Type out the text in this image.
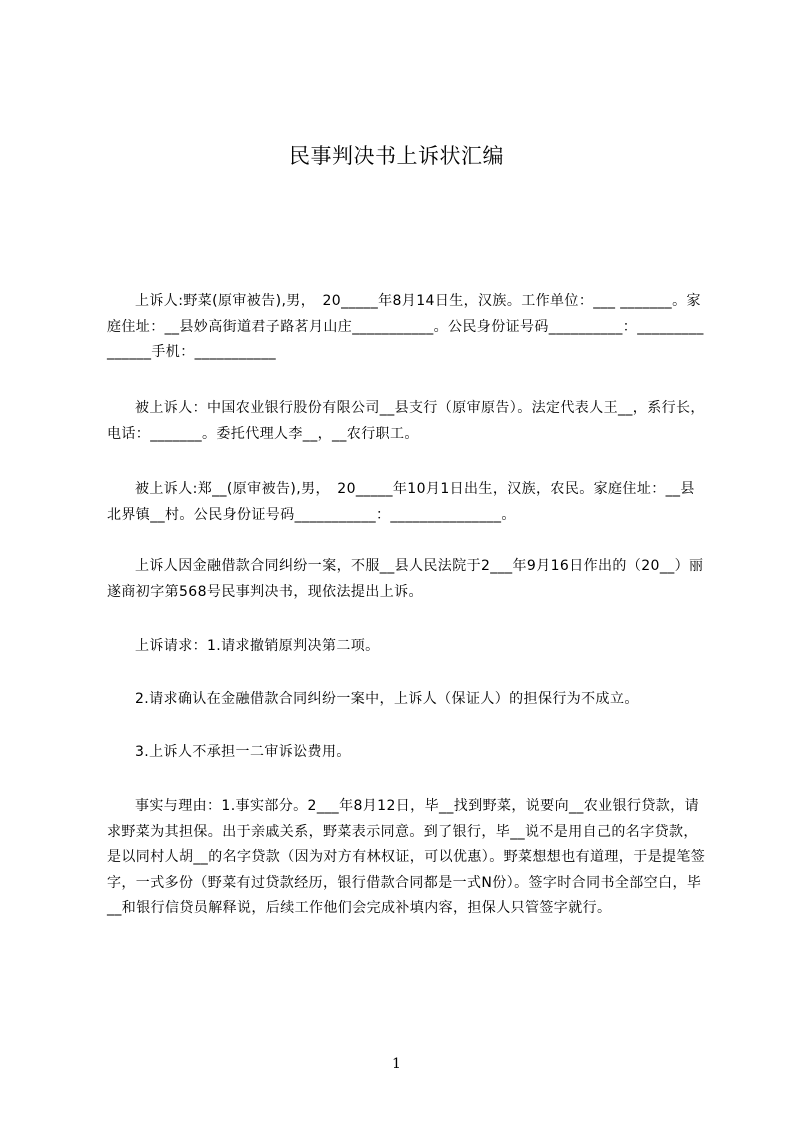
民事判决书上诉状汇编
上诉人:野菜(原审被告),男，　20_____年8月14日生，汉族。工作单位：___ _______。家庭住址：__县妙高街道君子路茗月山庄___________。公民身份证号码__________：_______________手机：___________
被上诉人：中国农业银行股份有限公司__县支行（原审原告）。法定代表人王__，系行长，电话：_______。委托代理人李__，__农行职工。
被上诉人:郑__(原审被告),男，　20_____年10月1日出生，汉族，农民。家庭住址：__县北界镇__村。公民身份证号码___________：_______________。
上诉人因金融借款合同纠纷一案，不服__县人民法院于2___年9月16日作出的（20__）丽遂商初字第568号民事判决书，现依法提出上诉。
上诉请求：1.请求撤销原判决第二项。
2.请求确认在金融借款合同纠纷一案中，上诉人（保证人）的担保行为不成立。
3.上诉人不承担一二审诉讼费用。
事实与理由：1.事实部分。2___年8月12日，毕__找到野菜，说要向__农业银行贷款，请求野菜为其担保。出于亲戚关系，野菜表示同意。到了银行，毕__说不是用自己的名字贷款，是以同村人胡__的名字贷款（因为对方有林权证，可以优惠）。野菜想想也有道理，于是提笔签字，一式多份（野菜有过贷款经历，银行借款合同都是一式N份）。签字时合同书全部空白，毕__和银行信贷员解释说，后续工作他们会完成补填内容，担保人只管签字就行。
1
